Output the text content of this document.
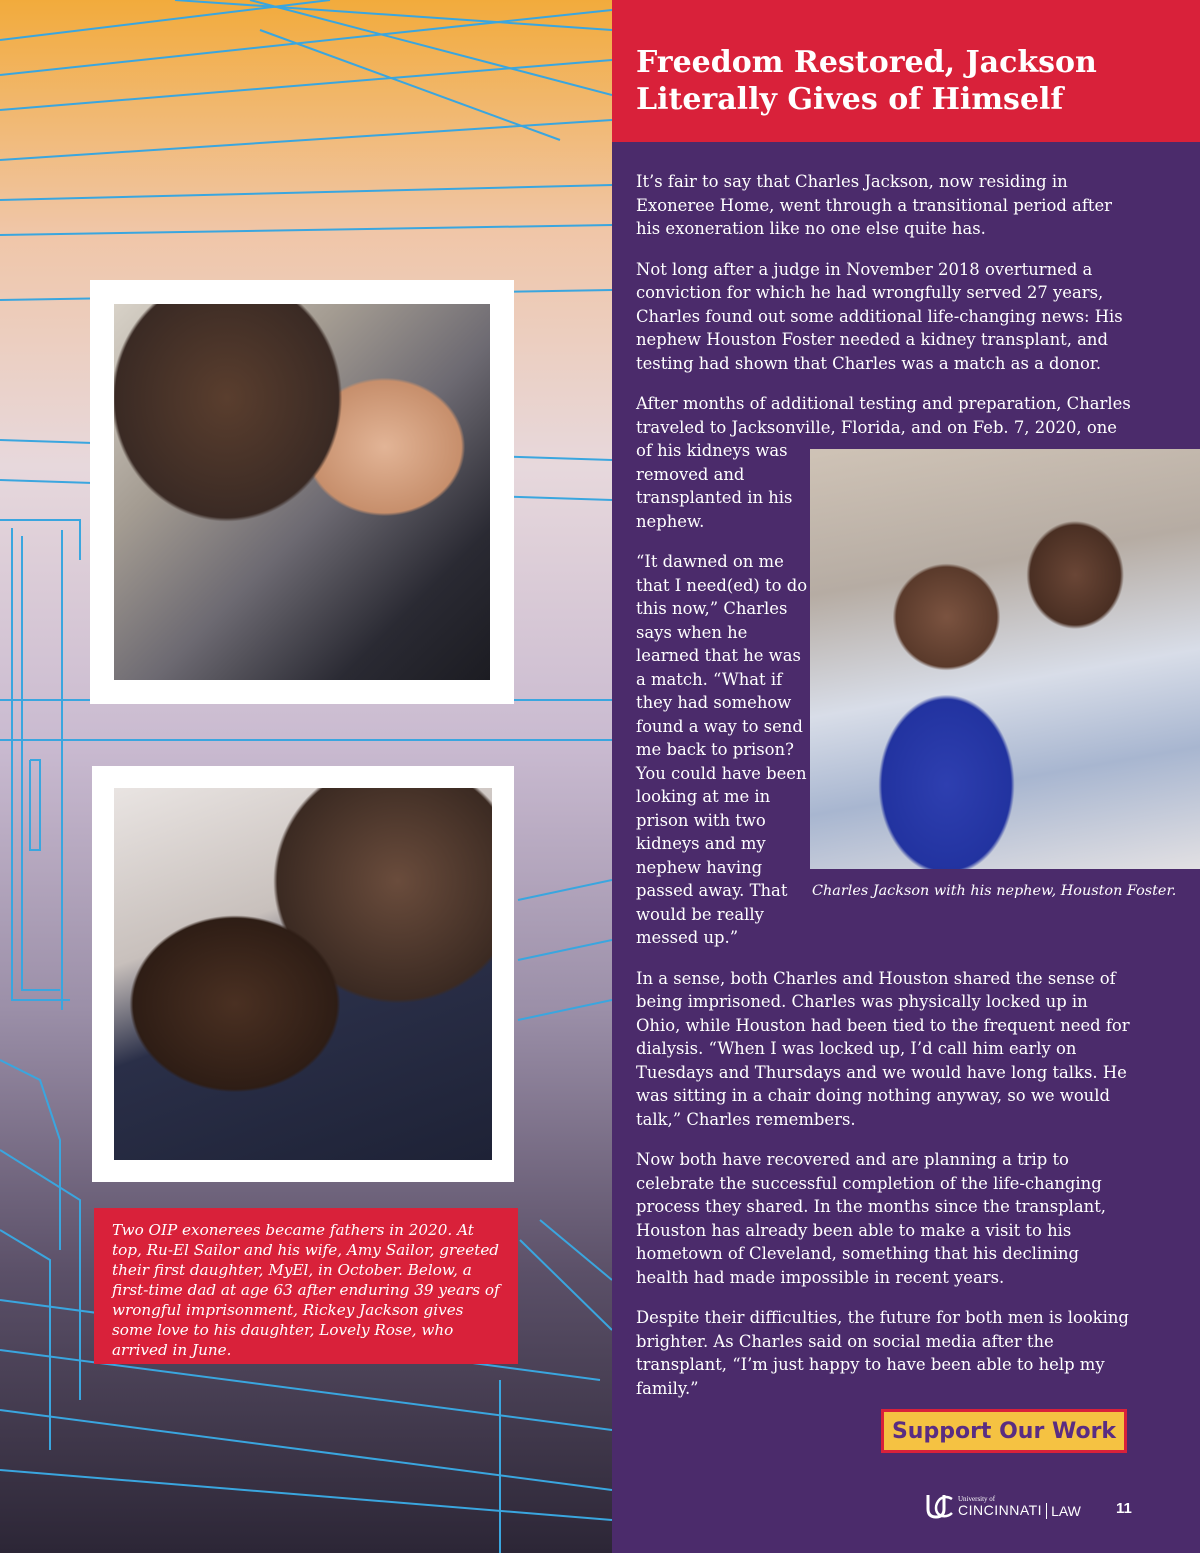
Two OIP exonerees became fathers in 2020. At top, Ru-El Sailor and his wife, Amy Sailor, greeted their first daughter, MyEl, in October. Below, a first-time dad at age 63 after enduring 39 years of wrongful imprisonment, Rickey Jackson gives some love to his daughter, Lovely Rose, who arrived in June.
Freedom Restored, Jackson
Literally Gives of Himself

It’s fair to say that Charles Jackson, now residing in Exoneree Home, went through a transitional period after his exoneration like no one else quite has.

Not long after a judge in November 2018 overturned a conviction for which he had wrongfully served 27 years, Charles found out some additional life-changing news: His nephew Houston Foster needed a kidney transplant, and testing had shown that Charles was a match as a donor.

After months of additional testing and preparation, Charles traveled to Jacksonville, Florida, and on Feb. 7, 2020, one

of his kidneys was removed and transplanted in his nephew.

“It dawned on me that I need(ed) to do this now,” Charles says when he learned that he was a match. “What if they had somehow found a way to send me back to prison? You could have been looking at me in prison with two kidneys and my nephew having passed away. That would be really messed up.”

In a sense, both Charles and Houston shared the sense of being imprisoned. Charles was physically locked up in Ohio, while Houston had been tied to the frequent need for dialysis. “When I was locked up, I’d call him early on Tuesdays and Thursdays and we would have long talks. He was sitting in a chair doing nothing anyway, so we would talk,” Charles remembers.

Now both have recovered and are planning a trip to celebrate the successful completion of the life-changing process they shared. In the months since the transplant, Houston has already been able to make a visit to his hometown of Cleveland, something that his declining health had made impossible in recent years.

Despite their difficulties, the future for both men is looking brighter. As Charles said on social media after the transplant, “I’m just happy to have been able to help my family.”

Charles Jackson with his nephew, Houston Foster.
Support Our Work
University of
CINCINNATI LAW 11
